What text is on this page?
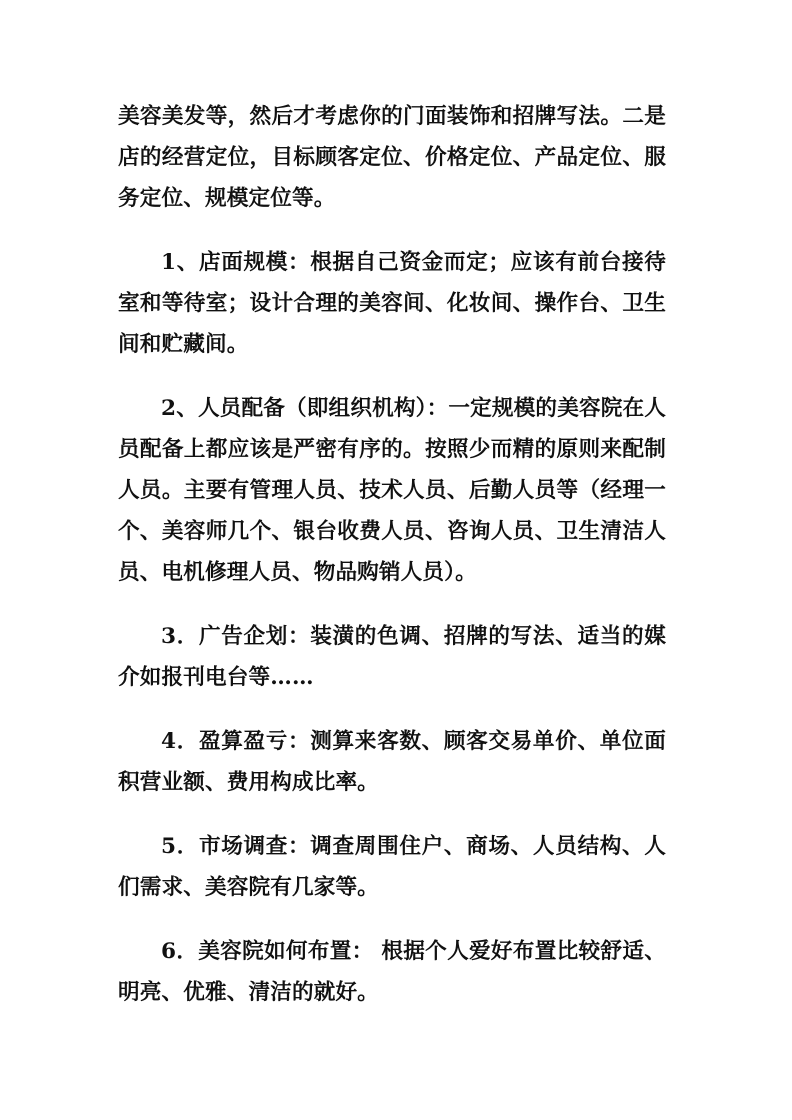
美容美发等，然后才考虑你的门面装饰和招牌写法。二是店的经营定位，目标顾客定位、价格定位、产品定位、服务定位、规模定位等。

1、店面规模：根据自己资金而定；应该有前台接待室和等待室；设计合理的美容间、化妆间、操作台、卫生间和贮藏间。

2、人员配备（即组织机构）：一定规模的美容院在人员配备上都应该是严密有序的。按照少而精的原则来配制人员。主要有管理人员、技术人员、后勤人员等（经理一个、美容师几个、银台收费人员、咨询人员、卫生清洁人员、电机修理人员、物品购销人员）。

3．广告企划：装潢的色调、招牌的写法、适当的媒介如报刊电台等……

4．盈算盈亏：测算来客数、顾客交易单价、单位面积营业额、费用构成比率。

5．市场调查：调查周围住户、商场、人员结构、人们需求、美容院有几家等。

6．美容院如何布置： 根据个人爱好布置比较舒适、明亮、优雅、清洁的就好。
